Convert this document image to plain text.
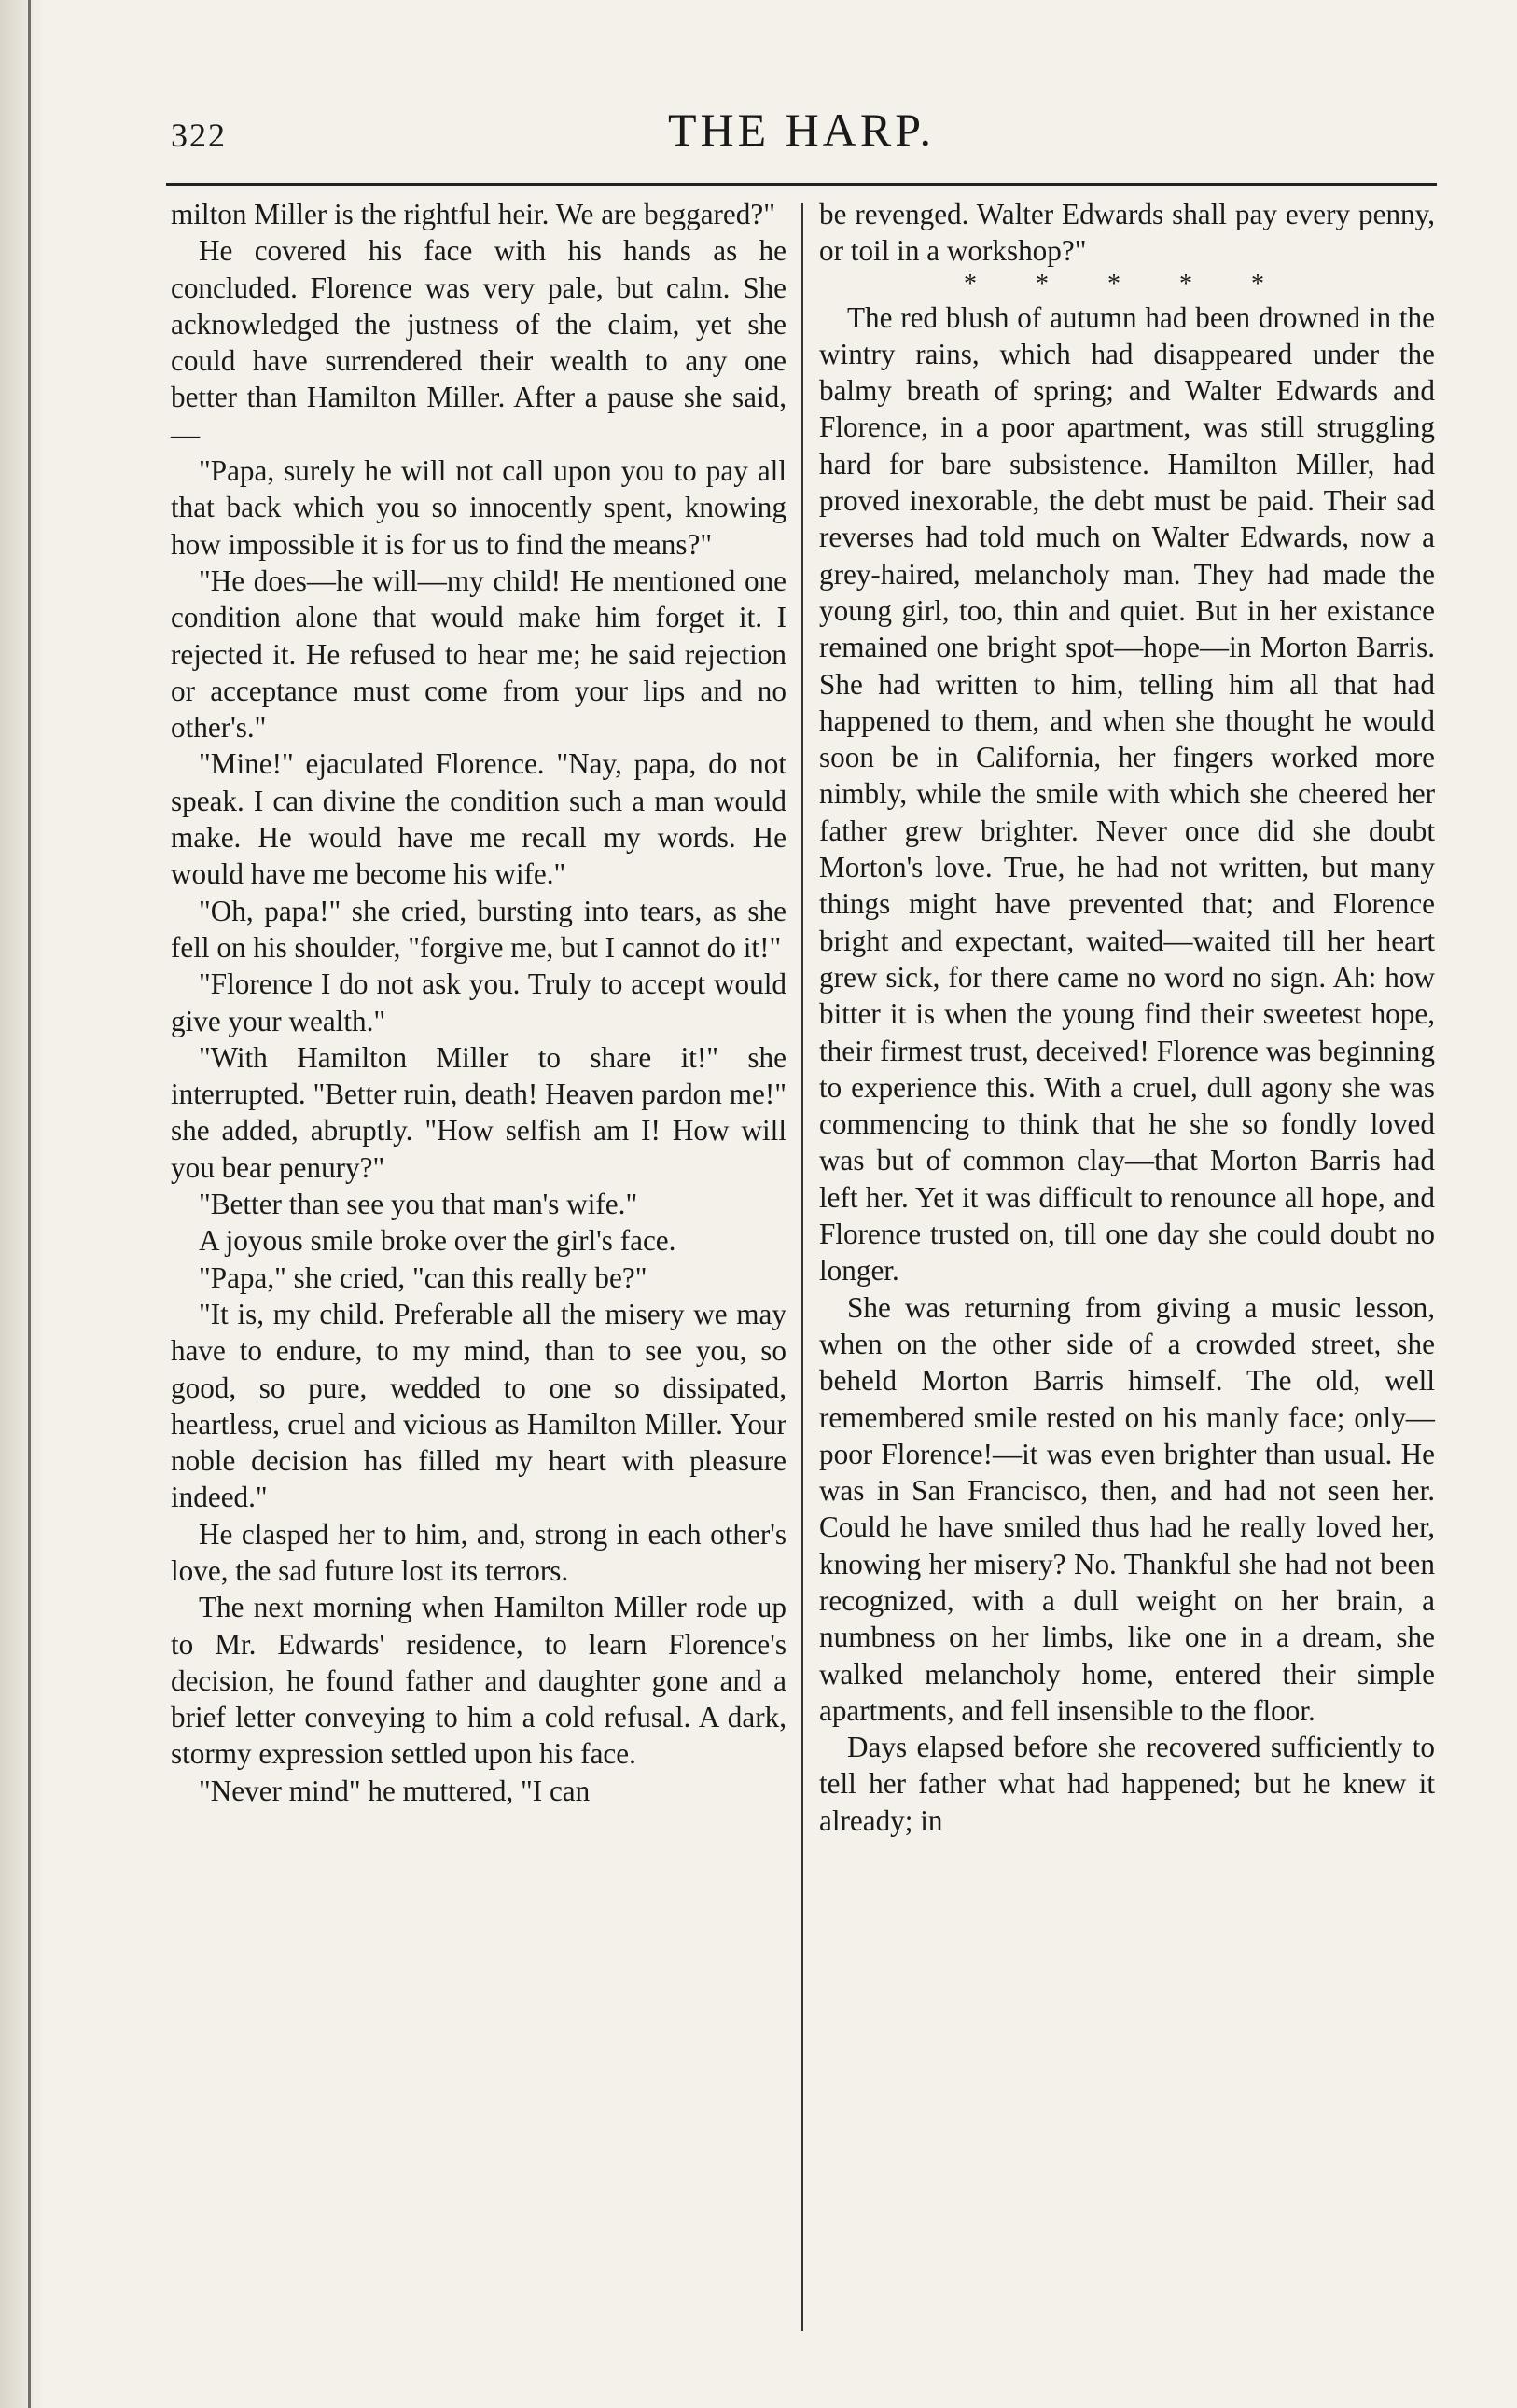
322	THE HARP.

milton Miller is the rightful heir. We are beggared?"

He covered his face with his hands as he concluded. Florence was very pale, but calm. She acknowledged the justness of the claim, yet she could have surrendered their wealth to any one better than Hamilton Miller. After a pause she said,—

"Papa, surely he will not call upon you to pay all that back which you so innocently spent, knowing how impossible it is for us to find the means?"

"He does—he will—my child! He mentioned one condition alone that would make him forget it. I rejected it. He refused to hear me; he said rejection or acceptance must come from your lips and no other's."

"Mine!" ejaculated Florence. "Nay, papa, do not speak. I can divine the condition such a man would make. He would have me recall my words. He would have me become his wife."

"Oh, papa!" she cried, bursting into tears, as she fell on his shoulder, "forgive me, but I cannot do it!"

"Florence I do not ask you. Truly to accept would give your wealth."

"With Hamilton Miller to share it!" she interrupted. "Better ruin, death! Heaven pardon me!" she added, abruptly. "How selfish am I! How will you bear penury?"

"Better than see you that man's wife."

A joyous smile broke over the girl's face.

"Papa," she cried, "can this really be?"

"It is, my child. Preferable all the misery we may have to endure, to my mind, than to see you, so good, so pure, wedded to one so dissipated, heartless, cruel and vicious as Hamilton Miller. Your noble decision has filled my heart with pleasure indeed."

He clasped her to him, and, strong in each other's love, the sad future lost its terrors.

The next morning when Hamilton Miller rode up to Mr. Edwards' residence, to learn Florence's decision, he found father and daughter gone and a brief letter conveying to him a cold refusal. A dark, stormy expression settled upon his face.

"Never mind" he muttered, "I can

be revenged. Walter Edwards shall pay every penny, or toil in a workshop?"

* * * * *

The red blush of autumn had been drowned in the wintry rains, which had disappeared under the balmy breath of spring; and Walter Edwards and Florence, in a poor apartment, was still struggling hard for bare subsistence. Hamilton Miller, had proved inexorable, the debt must be paid. Their sad reverses had told much on Walter Edwards, now a grey-haired, melancholy man. They had made the young girl, too, thin and quiet. But in her existance remained one bright spot—hope—in Morton Barris. She had written to him, telling him all that had happened to them, and when she thought he would soon be in California, her fingers worked more nimbly, while the smile with which she cheered her father grew brighter. Never once did she doubt Morton's love. True, he had not written, but many things might have prevented that; and Florence bright and expectant, waited—waited till her heart grew sick, for there came no word no sign. Ah: how bitter it is when the young find their sweetest hope, their firmest trust, deceived! Florence was beginning to experience this. With a cruel, dull agony she was commencing to think that he she so fondly loved was but of common clay—that Morton Barris had left her. Yet it was difficult to renounce all hope, and Florence trusted on, till one day she could doubt no longer.

She was returning from giving a music lesson, when on the other side of a crowded street, she beheld Morton Barris himself. The old, well remembered smile rested on his manly face; only—poor Florence!—it was even brighter than usual. He was in San Francisco, then, and had not seen her. Could he have smiled thus had he really loved her, knowing her misery? No. Thankful she had not been recognized, with a dull weight on her brain, a numbness on her limbs, like one in a dream, she walked melancholy home, entered their simple apartments, and fell insensible to the floor.

Days elapsed before she recovered sufficiently to tell her father what had happened; but he knew it already; in
